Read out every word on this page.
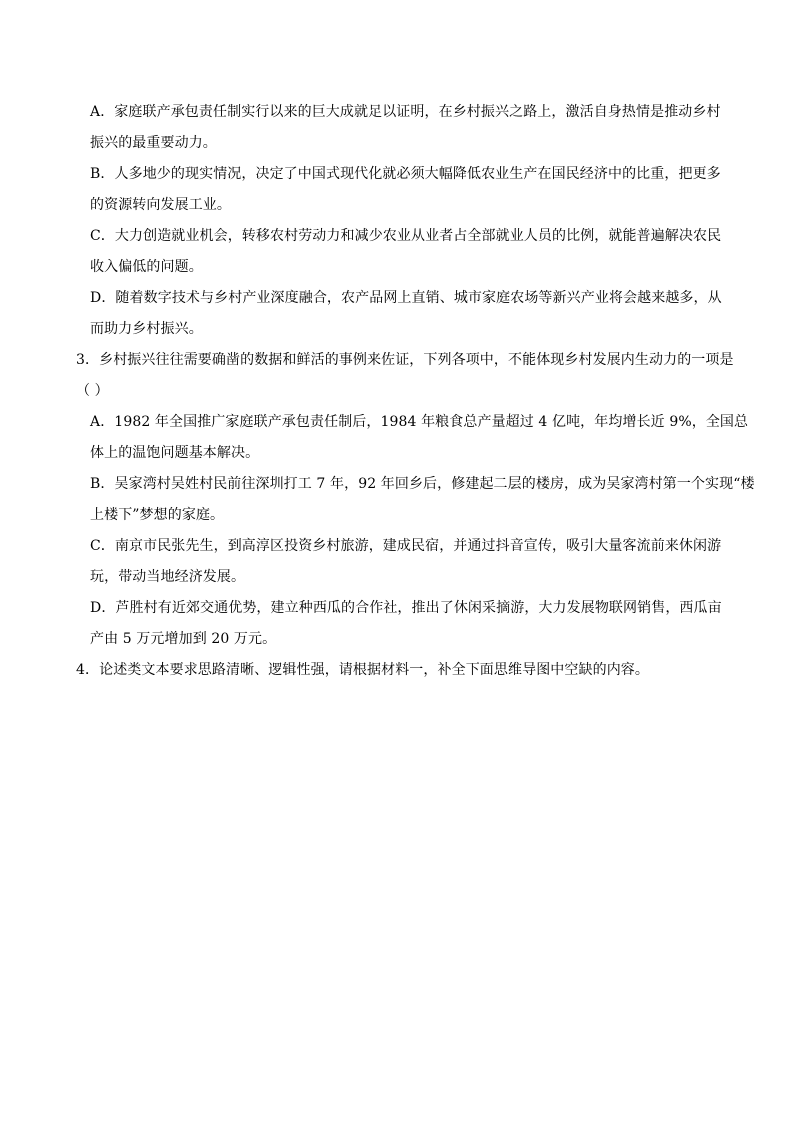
A．家庭联产承包责任制实行以来的巨大成就足以证明，在乡村振兴之路上，激活自身热情是推动乡村
振兴的最重要动力。
B．人多地少的现实情况，决定了中国式现代化就必须大幅降低农业生产在国民经济中的比重，把更多
的资源转向发展工业。
C．大力创造就业机会，转移农村劳动力和减少农业从业者占全部就业人员的比例，就能普遍解决农民
收入偏低的问题。
D．随着数字技术与乡村产业深度融合，农产品网上直销、城市家庭农场等新兴产业将会越来越多，从
而助力乡村振兴。
3．乡村振兴往往需要确凿的数据和鲜活的事例来佐证，下列各项中，不能体现乡村发展内生动力的一项是
（ ）
A．1982 年全国推广家庭联产承包责任制后，1984 年粮食总产量超过 4 亿吨，年均增长近 9%，全国总
体上的温饱问题基本解决。
B．吴家湾村吴姓村民前往深圳打工 7 年，92 年回乡后，修建起二层的楼房，成为吴家湾村第一个实现“楼
上楼下”梦想的家庭。
C．南京市民张先生，到高淳区投资乡村旅游，建成民宿，并通过抖音宣传，吸引大量客流前来休闲游
玩，带动当地经济发展。
D．芦胜村有近郊交通优势，建立种西瓜的合作社，推出了休闲采摘游，大力发展物联网销售，西瓜亩
产由 5 万元增加到 20 万元。
4．论述类文本要求思路清晰、逻辑性强，请根据材料一，补全下面思维导图中空缺的内容。
